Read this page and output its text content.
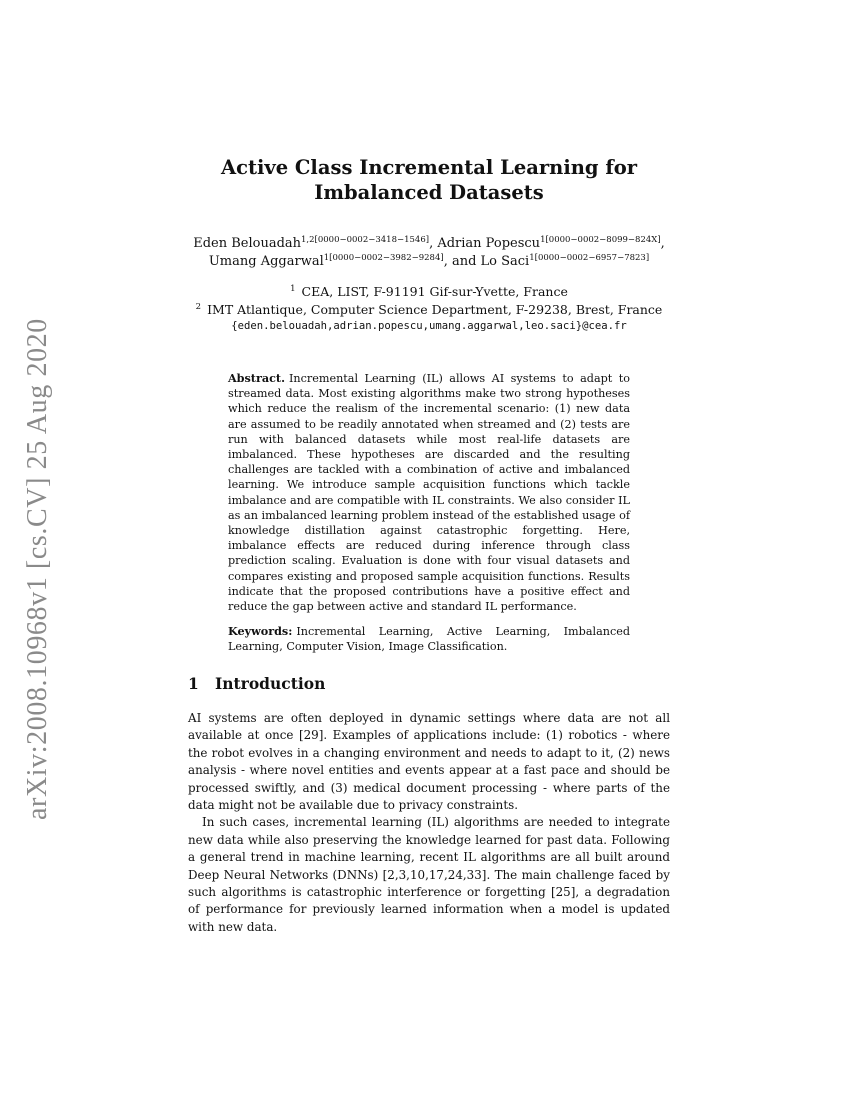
arXiv:2008.10968v1 [cs.CV] 25 Aug 2020
Active Class Incremental Learning for
Imbalanced Datasets
Eden Belouadah$^{1,2[0000-0002-3418-1546]}$, Adrian Popescu$^{1[0000-0002-8099-824X]}$,
Umang Aggarwal$^{1[0000-0002-3982-9284]}$, and Lo Saci$^{1[0000-0002-6957-7823]}$
$^1$ CEA, LIST, F-91191 Gif-sur-Yvette, France
$^2$ IMT Atlantique, Computer Science Department, F-29238, Brest, France
{eden.belouadah,adrian.popescu,umang.aggarwal,leo.saci}@cea.fr
Abstract. Incremental Learning (IL) allows AI systems to adapt to streamed data. Most existing algorithms make two strong hypotheses which reduce the realism of the incremental scenario: (1) new data are assumed to be readily annotated when streamed and (2) tests are run with balanced datasets while most real-life datasets are imbalanced. These hypotheses are discarded and the resulting challenges are tackled with a combination of active and imbalanced learning. We introduce sample acquisition functions which tackle imbalance and are compatible with IL constraints. We also consider IL as an imbalanced learning problem instead of the established usage of knowledge distillation against catastrophic forgetting. Here, imbalance effects are reduced during inference through class prediction scaling. Evaluation is done with four visual datasets and compares existing and proposed sample acquisition functions. Results indicate that the proposed contributions have a positive effect and reduce the gap between active and standard IL performance.
Keywords: Incremental Learning, Active Learning, Imbalanced Learning, Computer Vision, Image Classification.
1 Introduction
AI systems are often deployed in dynamic settings where data are not all available at once [29]. Examples of applications include: (1) robotics - where the robot evolves in a changing environment and needs to adapt to it, (2) news analysis - where novel entities and events appear at a fast pace and should be processed swiftly, and (3) medical document processing - where parts of the data might not be available due to privacy constraints.
In such cases, incremental learning (IL) algorithms are needed to integrate new data while also preserving the knowledge learned for past data. Following a general trend in machine learning, recent IL algorithms are all built around Deep Neural Networks (DNNs) [2,3,10,17,24,33]. The main challenge faced by such algorithms is catastrophic interference or forgetting [25], a degradation of performance for previously learned information when a model is updated with new data.
